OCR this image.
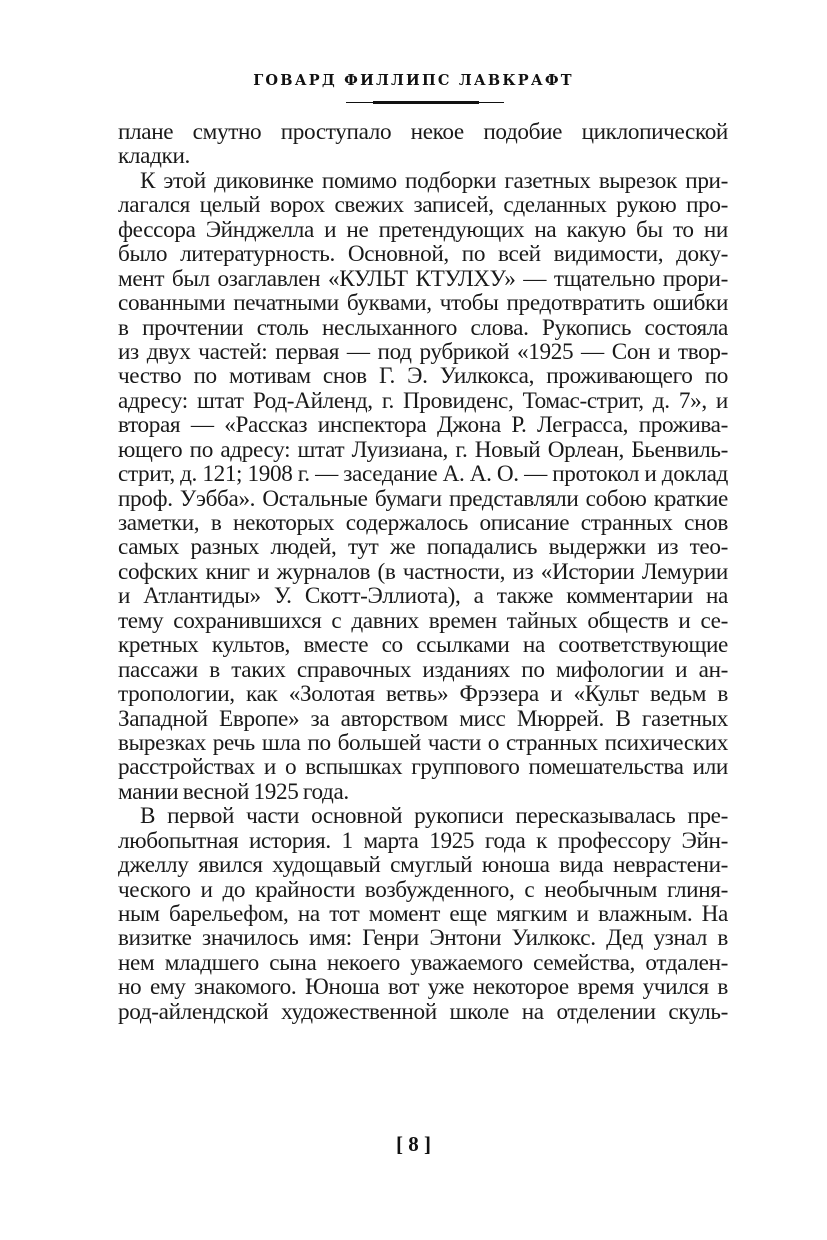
ГОВАРД ФИЛЛИПС ЛАВКРАФТ
плане смутно проступало некое подобие циклопической
кладки.
К этой диковинке помимо подборки газетных вырезок при-
лагался целый ворох свежих записей, сделанных рукою про-
фессора Эйнджелла и не претендующих на какую бы то ни
было литературность. Основной, по всей видимости, доку-
мент был озаглавлен «КУЛЬТ КТУЛХУ» — тщательно прори-
сованными печатными буквами, чтобы предотвратить ошибки
в прочтении столь неслыханного слова. Рукопись состояла
из двух частей: первая — под рубрикой «1925 — Сон и твор-
чество по мотивам снов Г. Э. Уилкокса, проживающего по
адресу: штат Род-Айленд, г. Провиденс, Томас-стрит, д. 7», и
вторая — «Рассказ инспектора Джона Р. Леграсса, прожива-
ющего по адресу: штат Луизиана, г. Новый Орлеан, Бьенвиль-
стрит, д. 121; 1908 г. — заседание А. А. О. — протокол и доклад
проф. Уэбба». Остальные бумаги представляли собою краткие
заметки, в некоторых содержалось описание странных снов
самых разных людей, тут же попадались выдержки из тео-
софских книг и журналов (в частности, из «Истории Лемурии
и Атлантиды» У. Скотт-Эллиота), а также комментарии на
тему сохранившихся с давних времен тайных обществ и се-
кретных культов, вместе со ссылками на соответствующие
пассажи в таких справочных изданиях по мифологии и ан-
тропологии, как «Золотая ветвь» Фрэзера и «Культ ведьм в
Западной Европе» за авторством мисс Мюррей. В газетных
вырезках речь шла по большей части о странных психических
расстройствах и о вспышках группового помешательства или
мании весной 1925 года.
В первой части основной рукописи пересказывалась пре-
любопытная история. 1 марта 1925 года к профессору Эйн-
джеллу явился худощавый смуглый юноша вида неврастени-
ческого и до крайности возбужденного, с необычным глиня-
ным барельефом, на тот момент еще мягким и влажным. На
визитке значилось имя: Генри Энтони Уилкокс. Дед узнал в
нем младшего сына некоего уважаемого семейства, отдален-
но ему знакомого. Юноша вот уже некоторое время учился в
род-айлендской художественной школе на отделении скуль-
[ 8 ]
